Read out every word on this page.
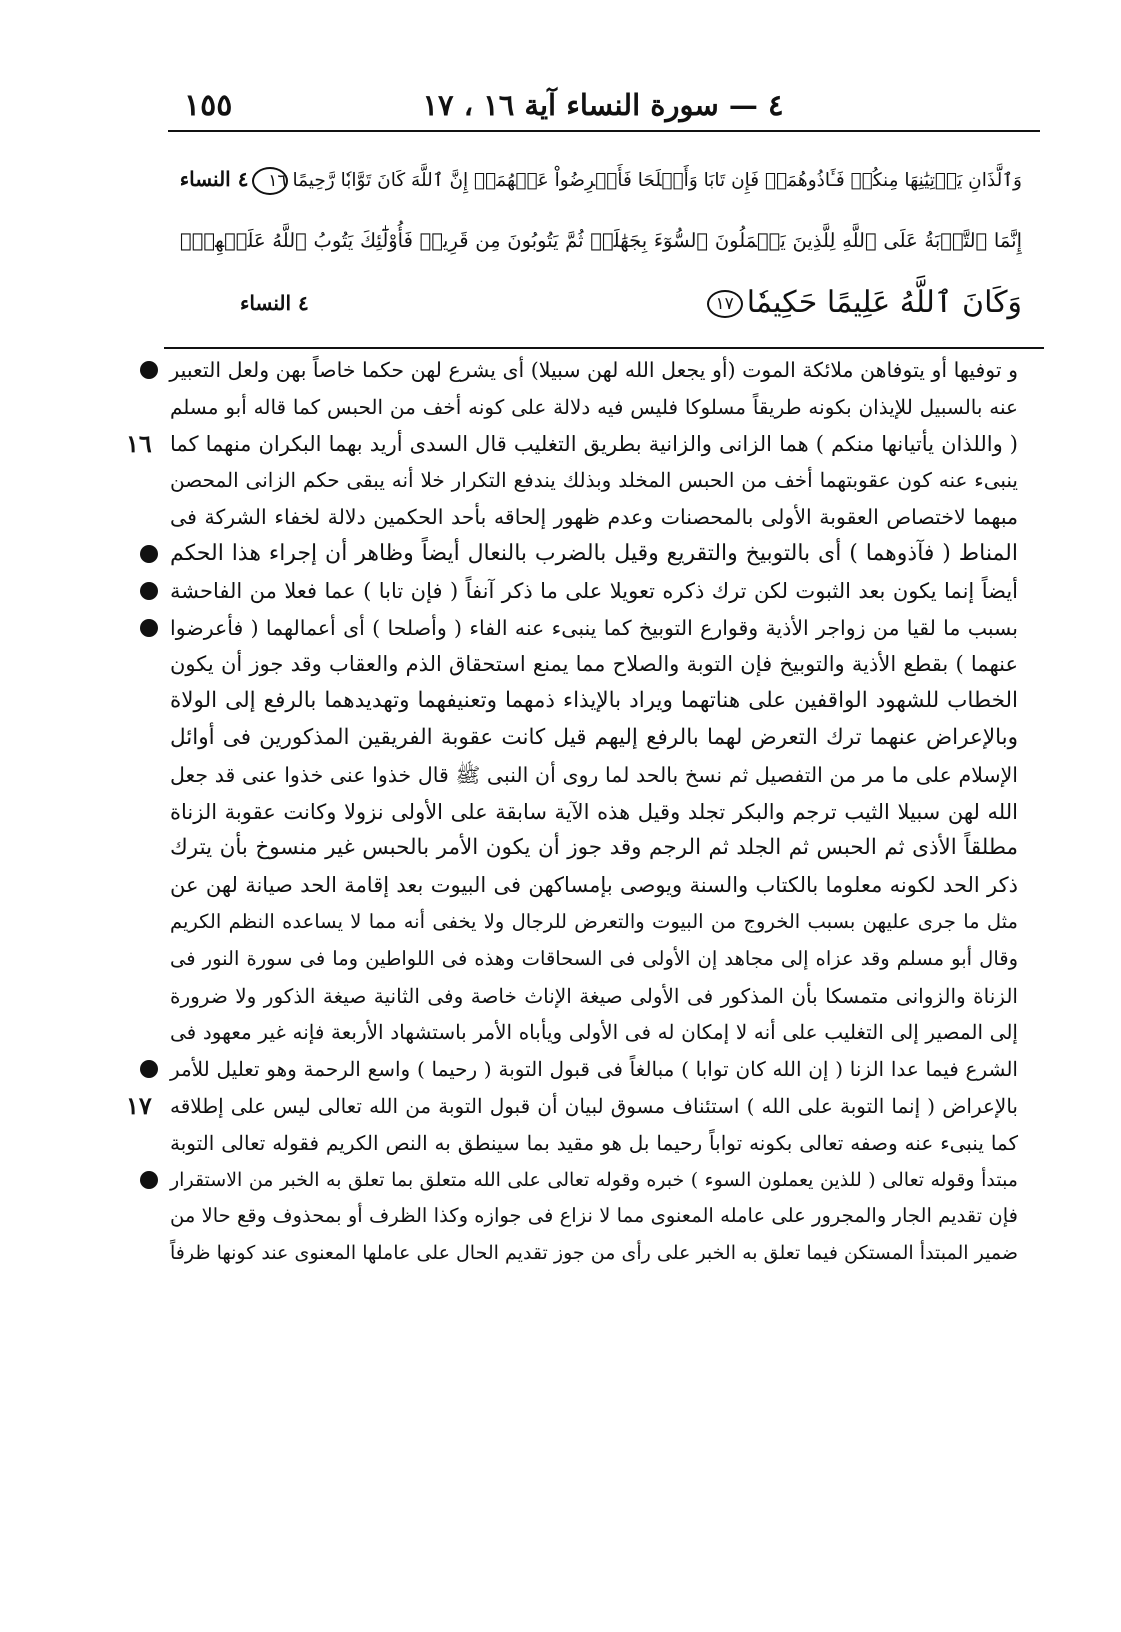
٤ — سورة النساء آية ١٦ ، ١٧
١٥٥
وَٱلَّذَانِ يَأۡتِيَٰنِهَا مِنكُمۡ فَـَٔاذُوهُمَاۖ فَإِن تَابَا وَأَصۡلَحَا فَأَعۡرِضُواْ عَنۡهُمَآۗ إِنَّ ٱللَّهَ كَانَ تَوَّابٗا رَّحِيمًا١٦٤ النساء
إِنَّمَا ٱلتَّوۡبَةُ عَلَى ٱللَّهِ لِلَّذِينَ يَعۡمَلُونَ ٱلسُّوٓءَ بِجَهَٰلَةٖ ثُمَّ يَتُوبُونَ مِن قَرِيبٖ فَأُوْلَٰٓئِكَ يَتُوبُ ٱللَّهُ عَلَيۡهِمۡۗ
وَكَانَ ٱللَّهُ عَلِيمًا حَكِيمٗا١٧
٤ النساء
و توفيها أو يتوفاهن ملائكة الموت (أو يجعل الله لهن سبيلا) أى يشرع لهن حكما خاصاً بهن ولعل التعبير
عنه بالسبيل للإيذان بكونه طريقاً مسلوكا فليس فيه دلالة على كونه أخف من الحبس كما قاله أبو مسلم
( واللذان يأتيانها منكم ) هما الزانى والزانية بطريق التغليب قال السدى أريد بهما البكران منهما كما
١٦
ينبىء عنه كون عقوبتهما أخف من الحبس المخلد وبذلك يندفع التكرار خلا أنه يبقى حكم الزانى المحصن
مبهما لاختصاص العقوبة الأولى بالمحصنات وعدم ظهور إلحاقه بأحد الحكمين دلالة لخفاء الشركة فى
المناط ( فآذوهما ) أى بالتوبيخ والتقريع وقيل بالضرب بالنعال أيضاً وظاهر أن إجراء هذا الحكم
أيضاً إنما يكون بعد الثبوت لكن ترك ذكره تعويلا على ما ذكر آنفاً ( فإن تابا ) عما فعلا من الفاحشة
بسبب ما لقيا من زواجر الأذية وقوارع التوبيخ كما ينبىء عنه الفاء ( وأصلحا ) أى أعمالهما ( فأعرضوا
عنهما ) بقطع الأذية والتوبيخ فإن التوبة والصلاح مما يمنع استحقاق الذم والعقاب وقد جوز أن يكون
الخطاب للشهود الواقفين على هناتهما ويراد بالإيذاء ذمهما وتعنيفهما وتهديدهما بالرفع إلى الولاة
وبالإعراض عنهما ترك التعرض لهما بالرفع إليهم قيل كانت عقوبة الفريقين المذكورين فى أوائل
الإسلام على ما مر من التفصيل ثم نسخ بالحد لما روى أن النبى ﷺ قال خذوا عنى خذوا عنى قد جعل
الله لهن سبيلا الثيب ترجم والبكر تجلد وقيل هذه الآية سابقة على الأولى نزولا وكانت عقوبة الزناة
مطلقاً الأذى ثم الحبس ثم الجلد ثم الرجم وقد جوز أن يكون الأمر بالحبس غير منسوخ بأن يترك
ذكر الحد لكونه معلوما بالكتاب والسنة ويوصى بإمساكهن فى البيوت بعد إقامة الحد صيانة لهن عن
مثل ما جرى عليهن بسبب الخروج من البيوت والتعرض للرجال ولا يخفى أنه مما لا يساعده النظم الكريم
وقال أبو مسلم وقد عزاه إلى مجاهد إن الأولى فى السحاقات وهذه فى اللواطين وما فى سورة النور فى
الزناة والزوانى متمسكا بأن المذكور فى الأولى صيغة الإناث خاصة وفى الثانية صيغة الذكور ولا ضرورة
إلى المصير إلى التغليب على أنه لا إمكان له فى الأولى ويأباه الأمر باستشهاد الأربعة فإنه غير معهود فى
الشرع فيما عدا الزنا ( إن الله كان توابا ) مبالغاً فى قبول التوبة ( رحيما ) واسع الرحمة وهو تعليل للأمر
بالإعراض ( إنما التوبة على الله ) استئناف مسوق لبيان أن قبول التوبة من الله تعالى ليس على إطلاقه
١٧
كما ينبىء عنه وصفه تعالى بكونه تواباً رحيما بل هو مقيد بما سينطق به النص الكريم فقوله تعالى التوبة
مبتدأ وقوله تعالى ( للذين يعملون السوء ) خبره وقوله تعالى على الله متعلق بما تعلق به الخبر من الاستقرار
فإن تقديم الجار والمجرور على عامله المعنوى مما لا نزاع فى جوازه وكذا الظرف أو بمحذوف وقع حالا من
ضمير المبتدأ المستكن فيما تعلق به الخبر على رأى من جوز تقديم الحال على عاملها المعنوى عند كونها ظرفاً
